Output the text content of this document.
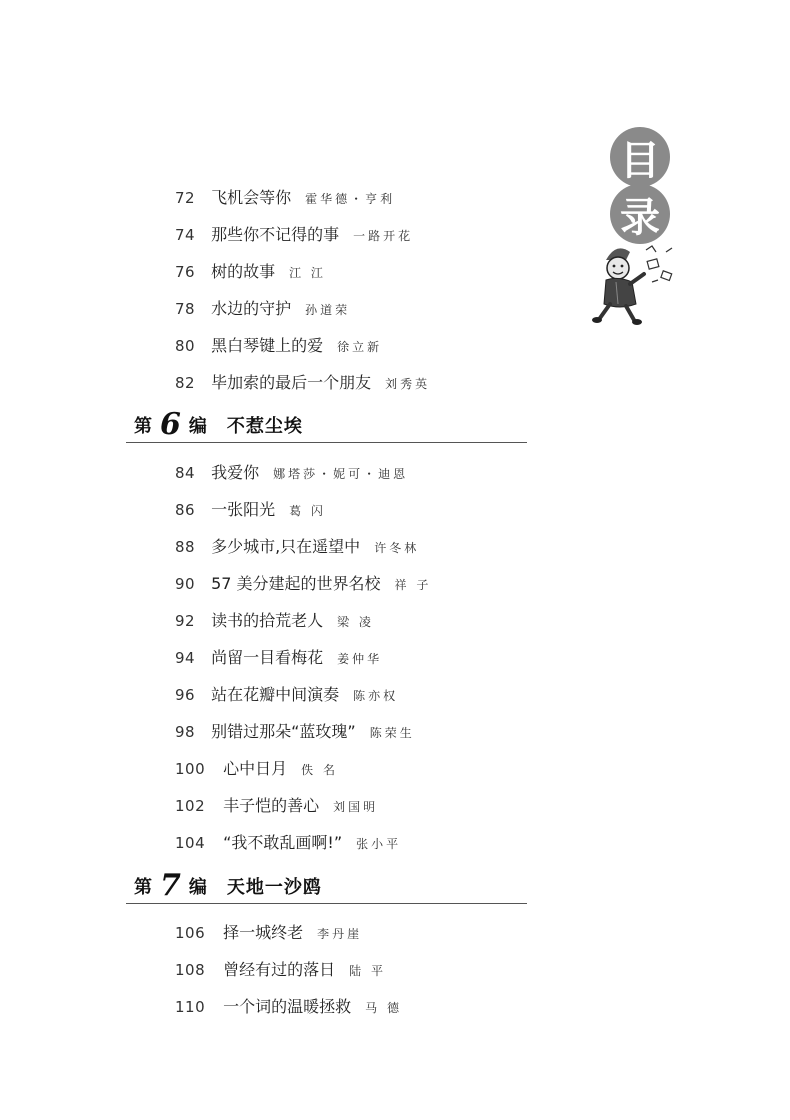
目
录
72 飞机会等你 霍华德・亨利
74 那些你不记得的事 一路开花
76 树的故事 江 江
78 水边的守护 孙道荣
80 黑白琴键上的爱 徐立新
82 毕加索的最后一个朋友 刘秀英
第 6 编 不惹尘埃
84 我爱你 娜塔莎・妮可・迪恩
86 一张阳光 葛 闪
88 多少城市,只在遥望中 许冬林
90 57 美分建起的世界名校 祥 子
92 读书的拾荒老人 梁 凌
94 尚留一目看梅花 姜仲华
96 站在花瓣中间演奏 陈亦权
98 别错过那朵“蓝玫瑰” 陈荣生
100 心中日月 佚 名
102 丰子恺的善心 刘国明
104 “我不敢乱画啊!” 张小平
第 7 编 天地一沙鸥
106 择一城终老 李丹崖
108 曾经有过的落日 陆 平
110 一个词的温暖拯救 马 德
